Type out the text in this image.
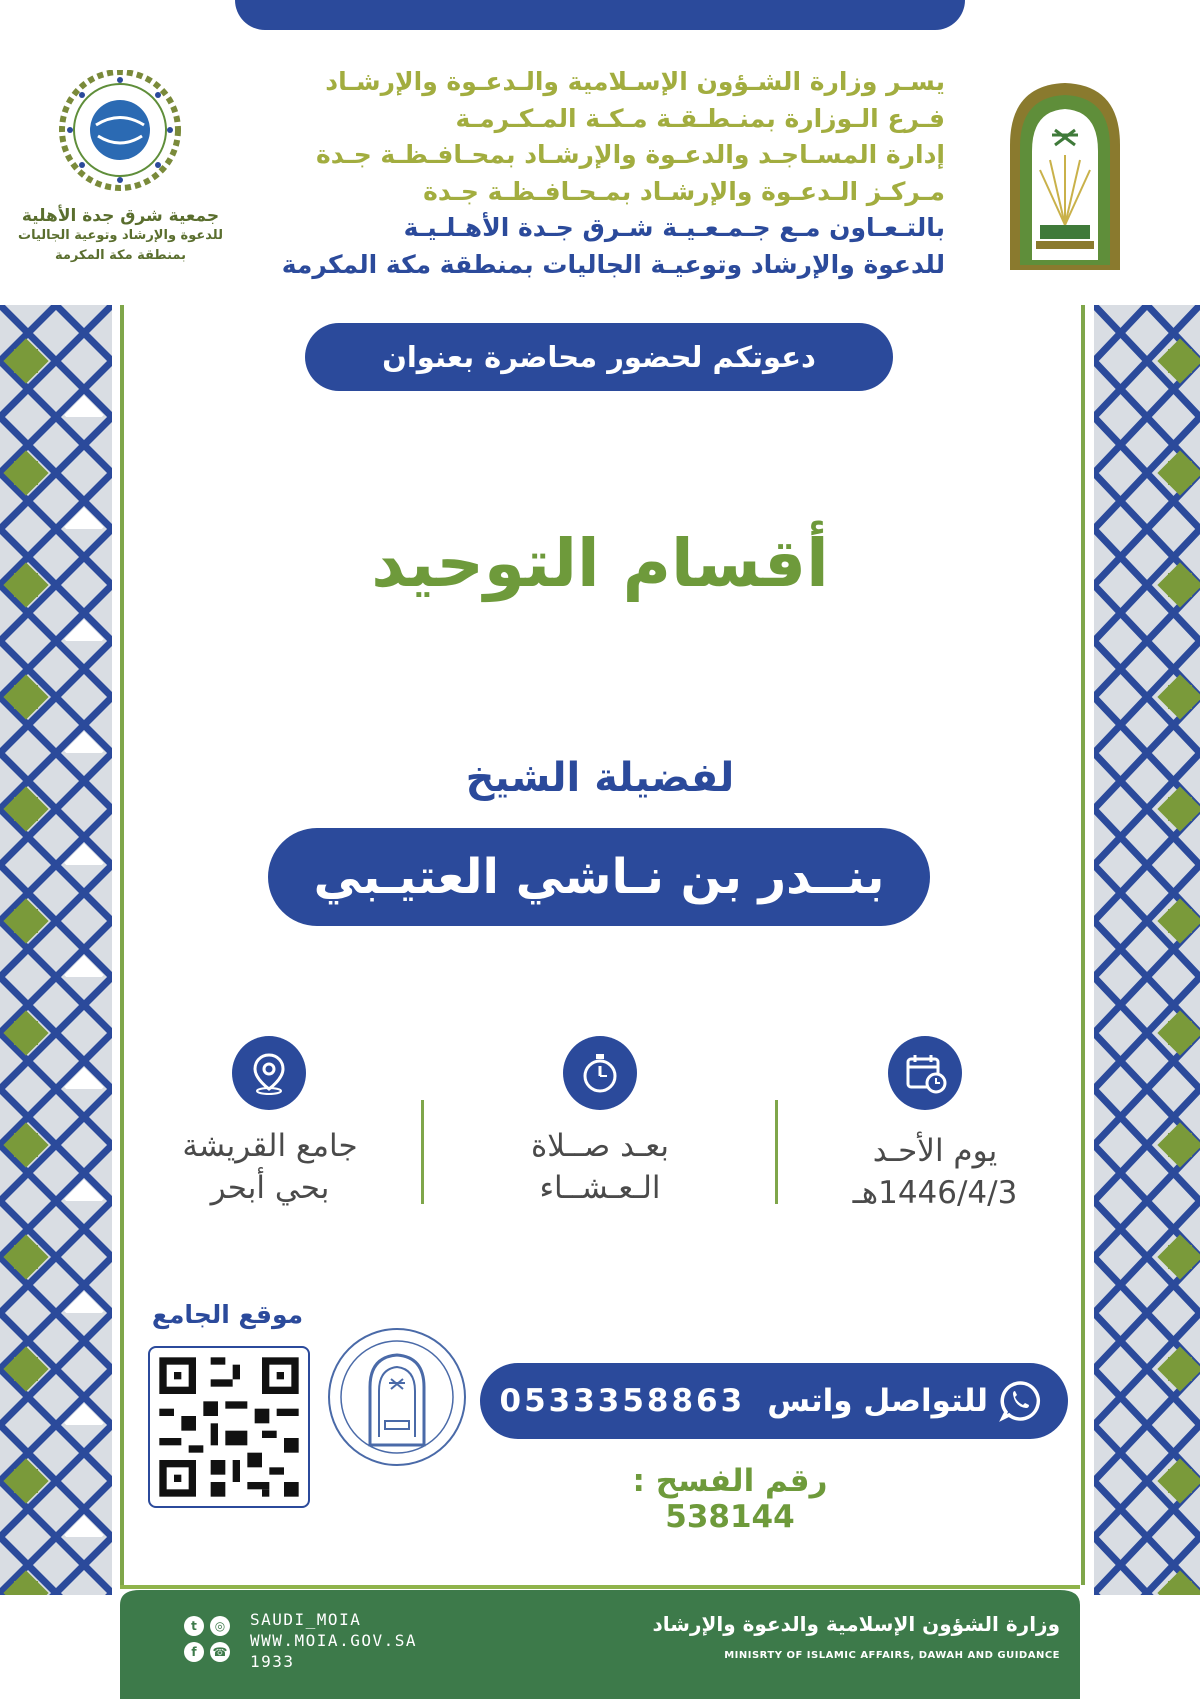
يسـر وزارة الشـؤون الإسـلامية والـدعـوة والإرشـاد
فـرع الـوزارة بمنـطـقـة مـكـة المـكـرمـة
إدارة المسـاجـد والدعـوة والإرشـاد بمحـافـظـة جـدة
مـركـز الـدعـوة والإرشـاد بمـحـافـظـة جـدة
بالتـعـاون مـع جـمـعـيـة شـرق جـدة الأهـلـيـة
للدعوة والإرشاد وتوعيـة الجاليات بمنطقة مكة المكرمة
جمعية شرق جدة الأهلية
للدعوة والإرشاد وتوعية الجاليات
بمنطقة مكة المكرمة
دعوتكم لحضور محاضرة بعنوان
أقسام التوحيد
لفضيلة الشيخ
بنــدر بن نـاشي العتيـبي
يوم الأحـد
1446/4/3هـ
بعـد صــلاة
الـعـشــاء
جامع القريشة
بحي أبحر
موقع الجامع
0533358863 للتواصل واتس
رقم الفسح : 538144
وزارة الشؤون الإسلامية والدعوة والإرشاد
MINISRTY OF ISLAMIC AFFAIRS, DAWAH AND GUIDANCE
t	◎
f	☎
SAUDI_MOIA
WWW.MOIA.GOV.SA
1933
